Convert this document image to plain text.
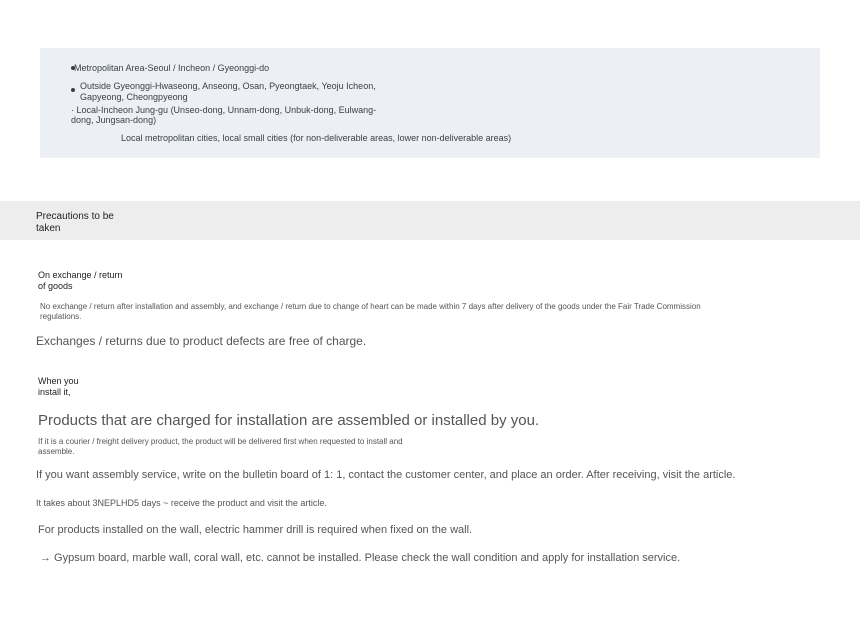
Metropolitan Area-Seoul / Incheon / Gyeonggi-do
Outside Gyeonggi-Hwaseong, Anseong, Osan, Pyeongtaek, Yeoju Icheon,
Gapyeong, Cheongpyeong
· Local-Incheon Jung-gu (Unseo-dong, Unnam-dong, Unbuk-dong, Eulwang-
dong, Jungsan-dong)
Local metropolitan cities, local small cities (for non-deliverable areas, lower non-deliverable areas)
Precautions to be
taken
On exchange / return
of goods
No exchange / return after installation and assembly, and exchange / return due to change of heart can be made within 7 days after delivery of the goods under the Fair Trade Commission
regulations.
Exchanges / returns due to product defects are free of charge.
When you
install it,
Products that are charged for installation are assembled or installed by you.
If it is a courier / freight delivery product, the product will be delivered first when requested to install and
assemble.
If you want assembly service, write on the bulletin board of 1: 1, contact the customer center, and place an order. After receiving, visit the article.
It takes about 3NEPLHD5 days ~ receive the product and visit the article.
For products installed on the wall, electric hammer drill is required when fixed on the wall.
→ Gypsum board, marble wall, coral wall, etc. cannot be installed. Please check the wall condition and apply for installation service.
